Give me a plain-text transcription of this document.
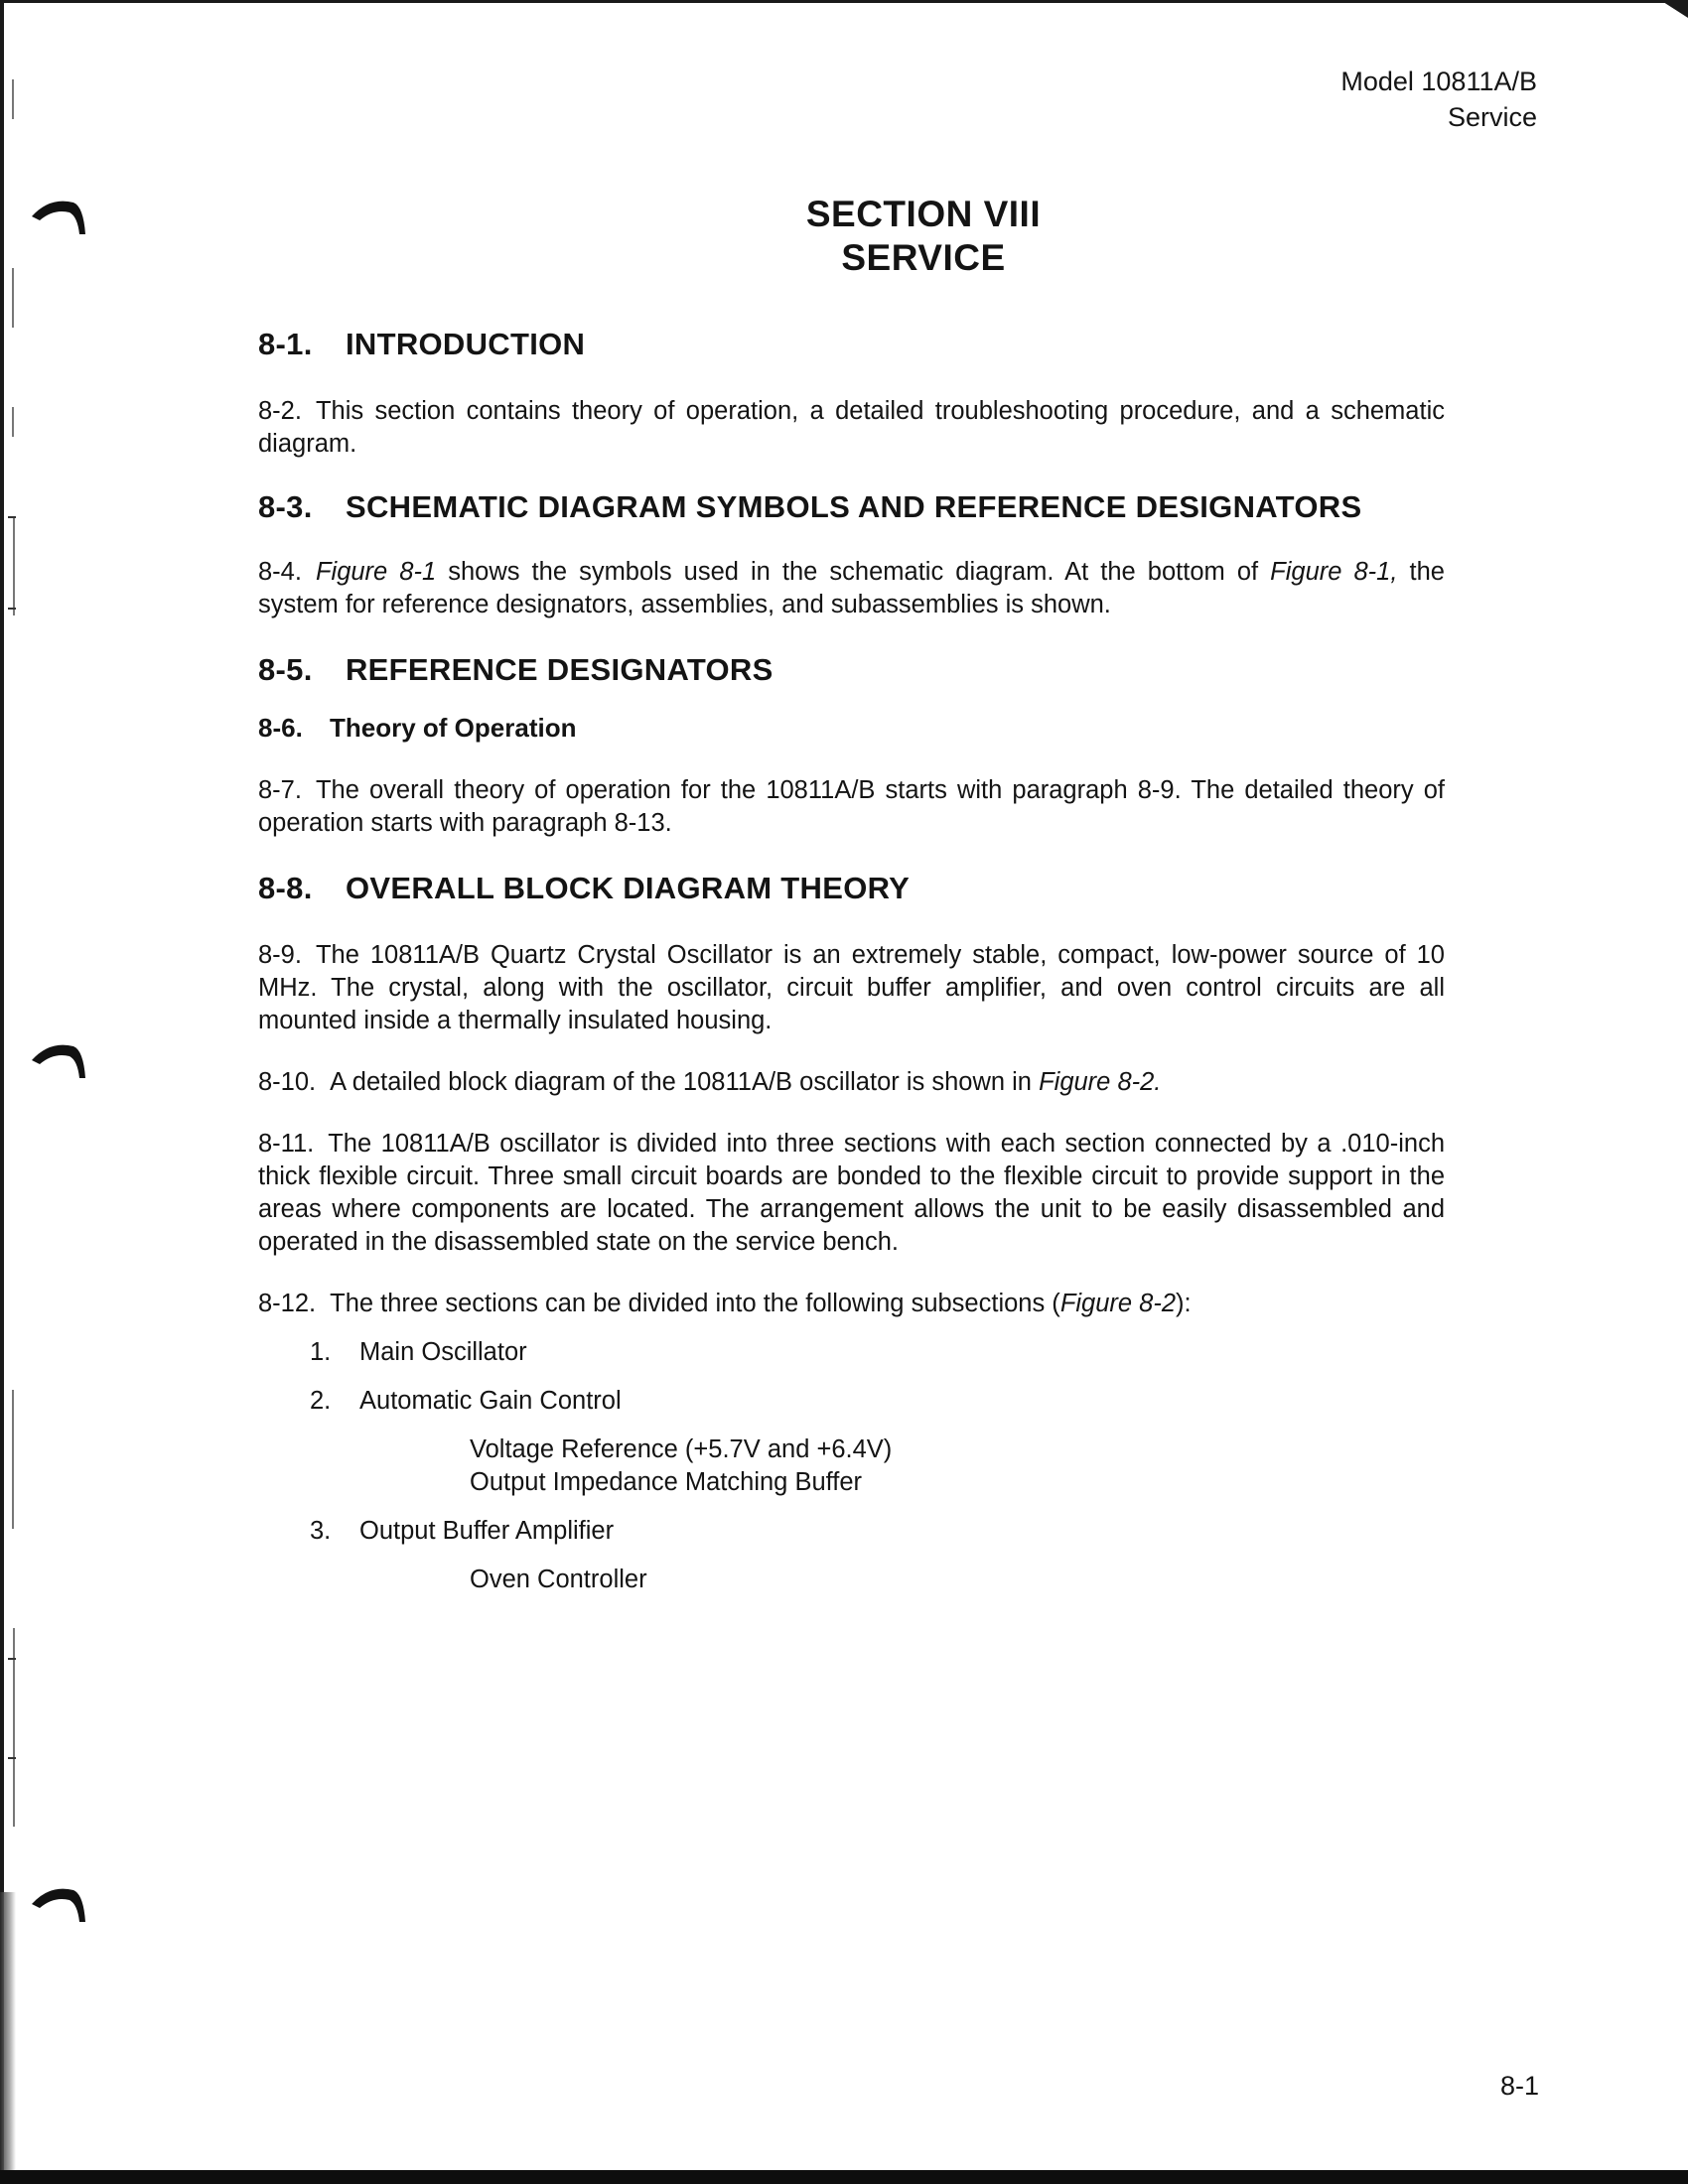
Model 10811A/B
Service
SECTION VIII
SERVICE
8-1. INTRODUCTION

8-2. This section contains theory of operation, a detailed troubleshooting procedure, and a schematic diagram.

8-3. SCHEMATIC DIAGRAM SYMBOLS AND REFERENCE DESIGNATORS

8-4. Figure 8-1 shows the symbols used in the schematic diagram. At the bottom of Figure 8-1, the system for reference designators, assemblies, and subassemblies is shown.

8-5. REFERENCE DESIGNATORS
8-6. Theory of Operation

8-7. The overall theory of operation for the 10811A/B starts with paragraph 8-9. The detailed theory of operation starts with paragraph 8-13.

8-8. OVERALL BLOCK DIAGRAM THEORY

8-9. The 10811A/B Quartz Crystal Oscillator is an extremely stable, compact, low-power source of 10 MHz. The crystal, along with the oscillator, circuit buffer amplifier, and oven control circuits are all mounted inside a thermally insulated housing.

8-10. A detailed block diagram of the 10811A/B oscillator is shown in Figure 8-2.

8-11. The 10811A/B oscillator is divided into three sections with each section connected by a .010-inch thick flexible circuit. Three small circuit boards are bonded to the flexible circuit to provide support in the areas where components are located. The arrangement allows the unit to be easily disassembled and operated in the disassembled state on the service bench.

8-12. The three sections can be divided into the following subsections (Figure 8-2):

1. Main Oscillator

2. Automatic Gain Control

Voltage Reference (+5.7V and +6.4V)

Output Impedance Matching Buffer

3. Output Buffer Amplifier

Oven Controller

8-1
